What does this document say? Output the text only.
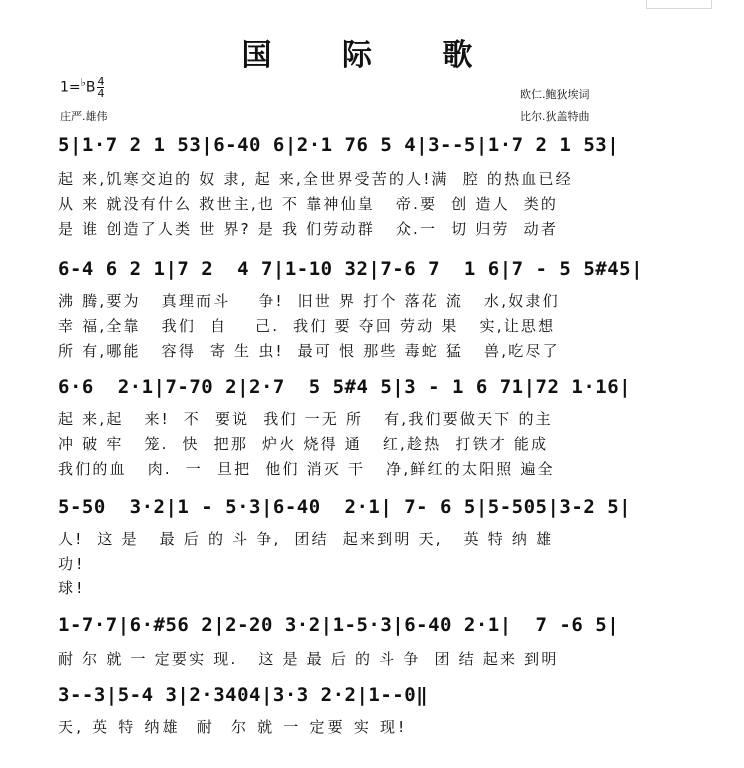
国 际 歌
$1=^♭B \frac{4}{4}$
庄严.雄伟
欧仁.鲍狄埃词
比尔.狄盖特曲
5|1·7 2 1 53|6-40 6|2·1 76 5 4|3--5|1·7 2 1 53|
起 来,饥寒交迫的 奴 隶, 起 来,全世界受苦的人!满  腔 的热血已经
从 来 就没有什么 救世主,也 不 靠神仙皇   帝.要  创 造人  类的
是 谁 创造了人类 世 界? 是 我 们劳动群   众.一  切 归劳  动者
6-4 6 2 1|7 2  4 7|1-10 32|7-6 7  1 6|7 - 5 5#45|
沸 腾,要为   真理而斗    争!  旧世 界 打个 落花 流   水,奴隶们
幸 福,全靠   我们  自    己.  我们 要 夺回 劳动 果   实,让思想
所 有,哪能   容得  寄 生 虫!  最可 恨 那些 毒蛇 猛   兽,吃尽了
6·6  2·1|7-70 2|2·7  5 5#4 5|3 - 1 6 71|72 1·16|
起 来,起   来!  不  要说  我们 一无 所   有,我们要做天下 的主
冲 破 牢   笼.  快  把那  炉火 烧得 通   红,趁热  打铁才 能成
我们的血   肉.  一  旦把  他们 消灭 干   净,鲜红的太阳照 遍全
5-50  3·2|1 - 5·3|6-40  2·1| 7- 6 5|5-505|3-2 5|
人!  这 是   最 后 的 斗 争,  团结  起来到明 天,   英 特 纳 雄
功!
球!
1-7·7|6·#56 2|2-20 3·2|1-5·3|6-40 2·1|  7 -6 5|
耐 尔 就 一 定要实 现.   这 是 最 后 的 斗 争  团 结 起来 到明
3--3|5-4 3|2·3404|3·3 2·2|1--0‖
天, 英 特 纳雄  耐  尔 就 一 定要 实 现!
